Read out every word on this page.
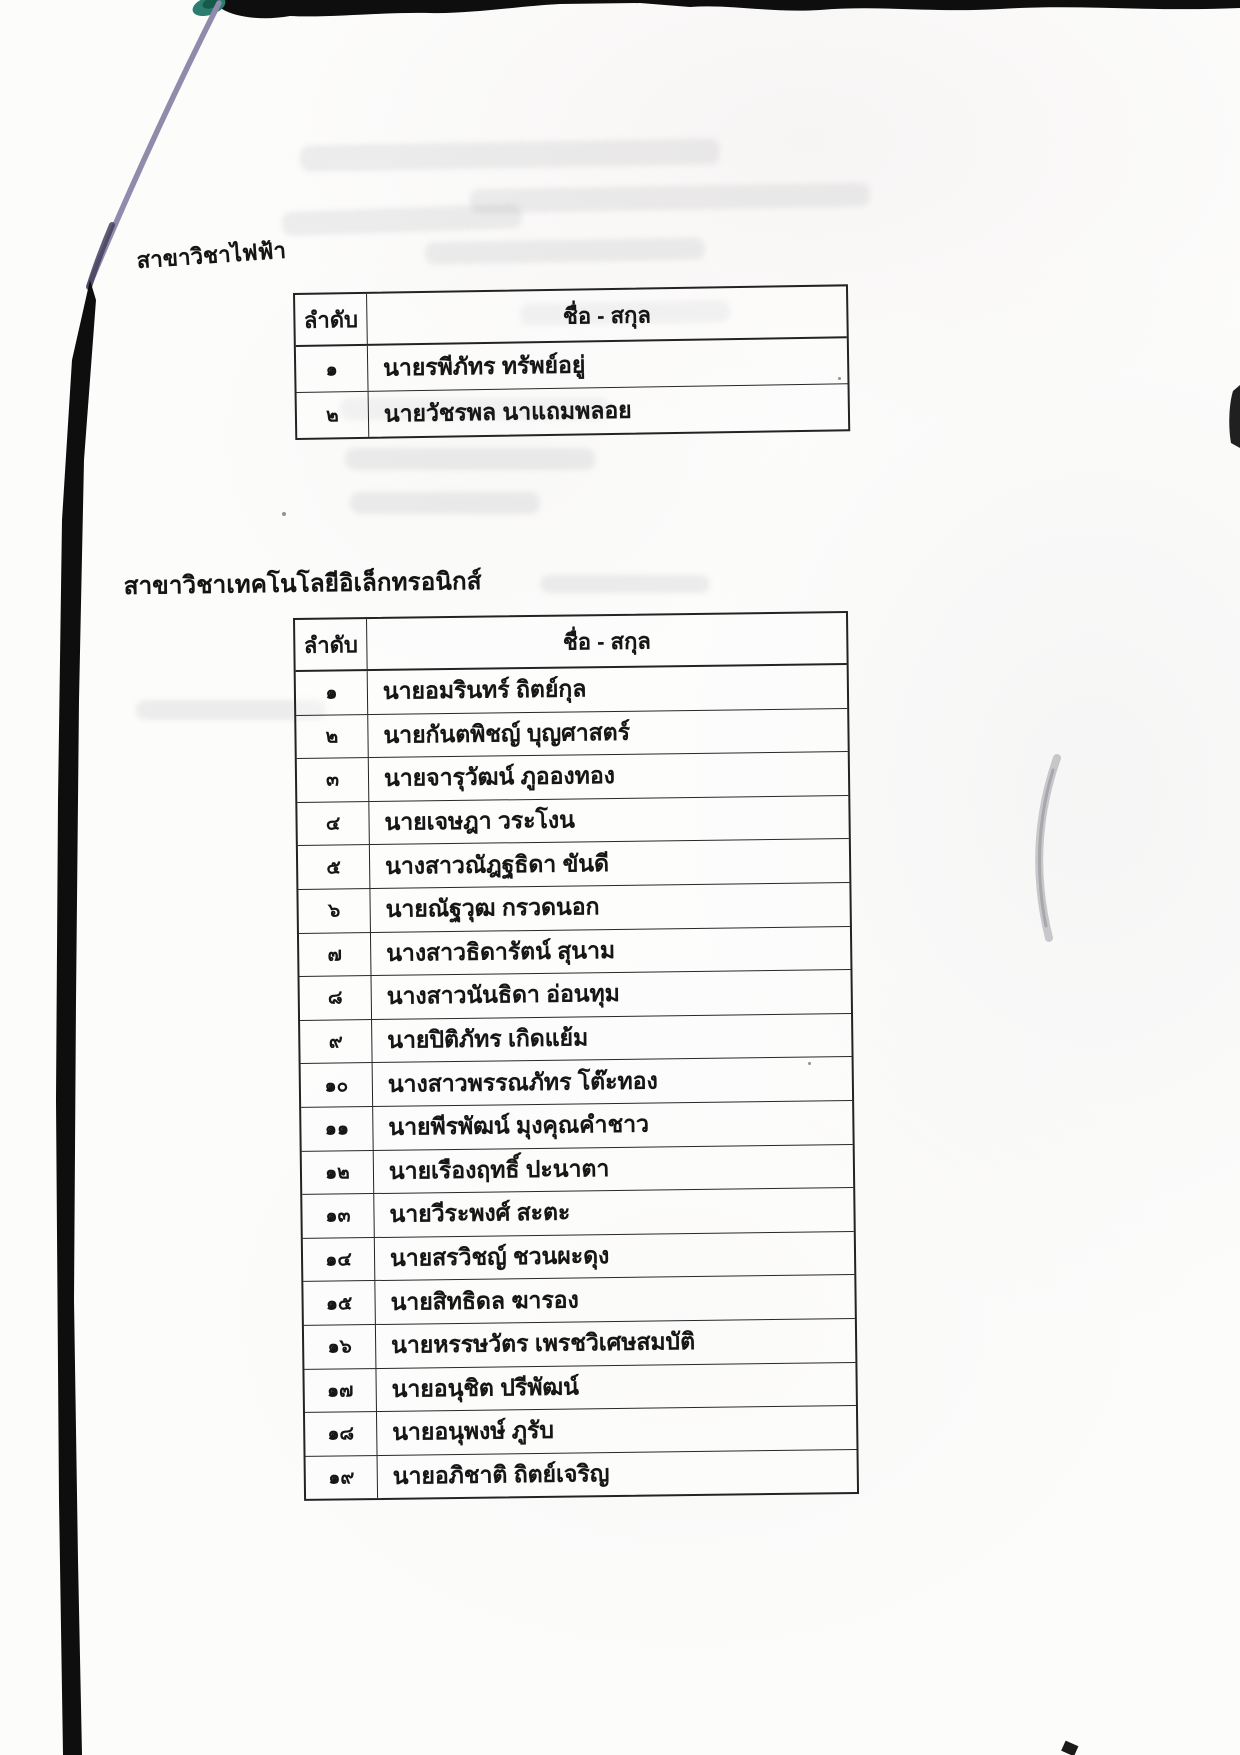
สาขาวิชาไฟฟ้า
ลำดับ	ชื่อ - สกุล
๑	นายรพีภัทร ทรัพย์อยู่
๒	นายวัชรพล นาแถมพลอย
สาขาวิชาเทคโนโลยีอิเล็กทรอนิกส์
ลำดับ	ชื่อ - สกุล
๑	นายอมรินทร์ ถิตย์กุล
๒	นายกันตพิชญ์ บุญศาสตร์
๓	นายจารุวัฒน์ ภูอองทอง
๔	นายเจษฎา วระโงน
๕	นางสาวณัฎฐธิดา ขันดี
๖	นายณัฐวุฒ กรวดนอก
๗	นางสาวธิดารัตน์ สุนาม
๘	นางสาวนันธิดา อ่อนทุม
๙	นายปิติภัทร เกิดแย้ม
๑๐	นางสาวพรรณภัทร โต๊ะทอง
๑๑	นายพีรพัฒน์ มุงคุณคำชาว
๑๒	นายเรืองฤทธิ์ ปะนาตา
๑๓	นายวีระพงศ์ สะตะ
๑๔	นายสรวิชญ์ ชวนผะดุง
๑๕	นายสิทธิดล ฆารอง
๑๖	นายหรรษวัตร เพรชวิเศษสมบัติ
๑๗	นายอนุชิต ปรีพัฒน์
๑๘	นายอนุพงษ์ ภูรับ
๑๙	นายอภิชาติ ถิตย์เจริญ
